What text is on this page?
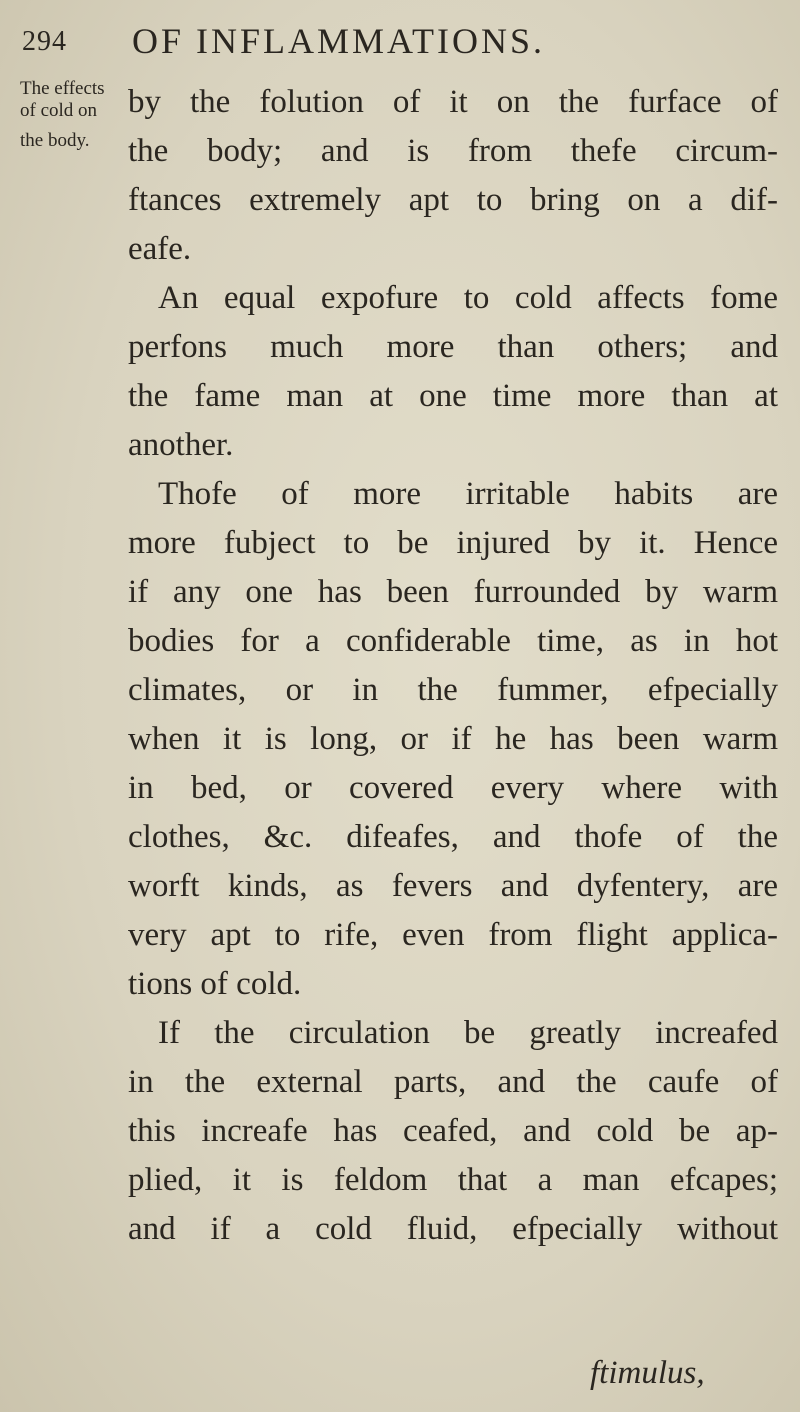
294 OF INFLAMMATIONS.
The effects
of cold on
the body.

by the folution of it on the furface of
the body; and is from thefe circum-
ftances extremely apt to bring on a dif-
eafe.

An equal expofure to cold affects fome
perfons much more than others; and
the fame man at one time more than at
another.

Thofe of more irritable habits are
more fubject to be injured by it. Hence
if any one has been furrounded by warm
bodies for a confiderable time, as in hot
climates, or in the fummer, efpecially
when it is long, or if he has been warm
in bed, or covered every where with
clothes, &c. difeafes, and thofe of the
worft kinds, as fevers and dyfentery, are
very apt to rife, even from flight applica-
tions of cold.

If the circulation be greatly increafed
in the external parts, and the caufe of
this increafe has ceafed, and cold be ap-
plied, it is feldom that a man efcapes;
and if a cold fluid, efpecially without

ftimulus,
